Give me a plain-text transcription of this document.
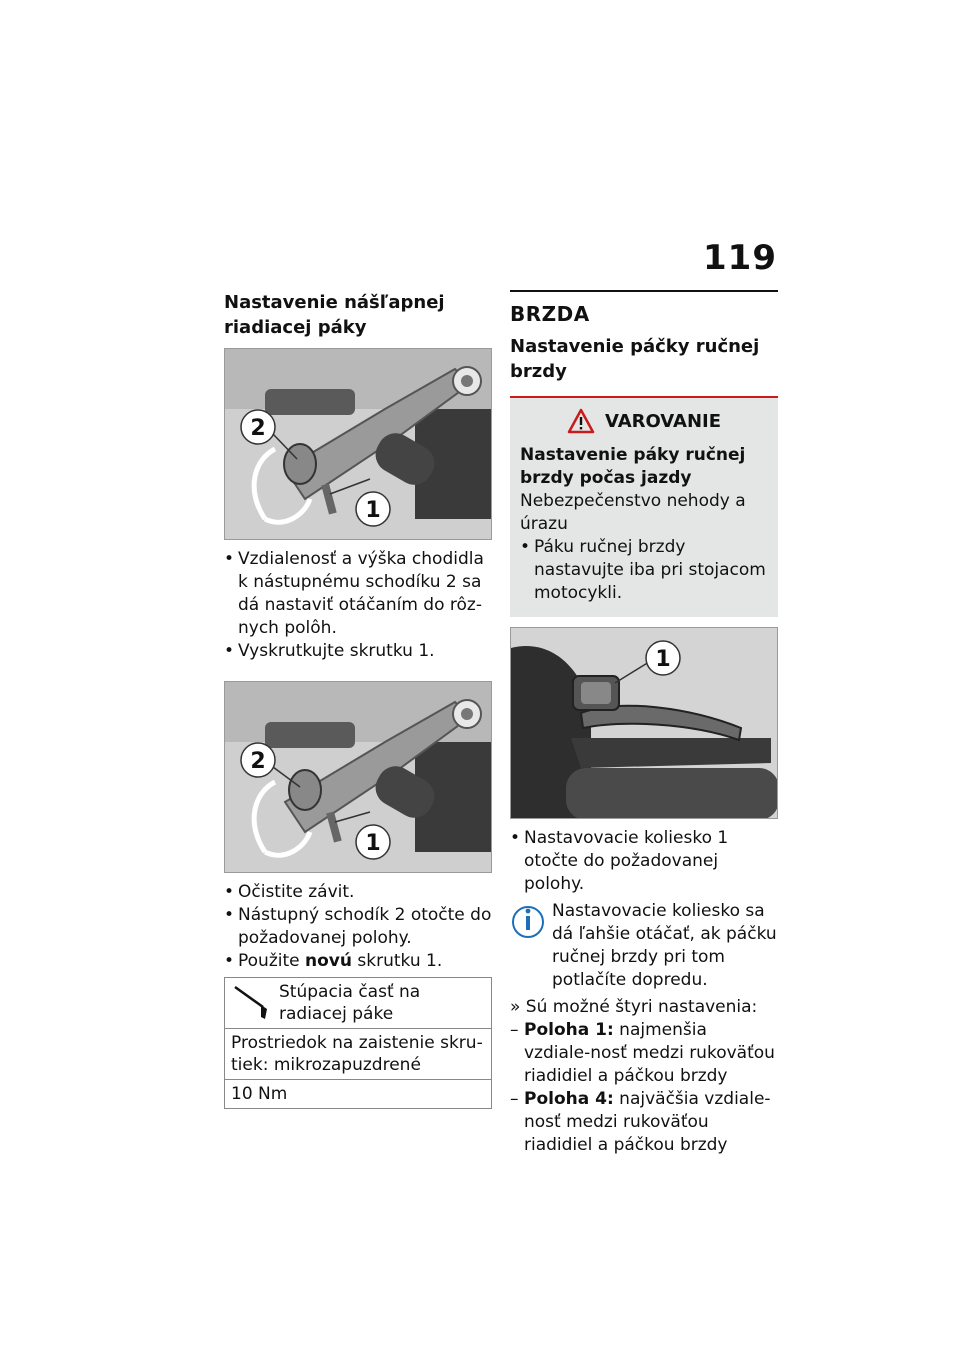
119
Nastavenie nášľapnej riadiacej páky
2
1
• Vzdialenosť a výška chodidla k nástupnému schodíku 2 sa dá nastaviť otáčaním do rôz-nych polôh.
• Vyskrutkujte skrutku 1.
2
1
• Očistite závit.
• Nástupný schodík 2 otočte do požadovanej polohy.
• Použite novú skrutku 1.
Stúpacia časť na radiacej páke
Prostriedok na zaistenie skru-tiek: mikrozapuzdrené
10 Nm
BRZDA
Nastavenie páčky ručnej brzdy
VAROVANIE
Nastavenie páky ručnej brzdy počas jazdy
Nebezpečenstvo nehody a úrazu
• Páku ručnej brzdy nastavujte iba pri stojacom motocykli.
1
• Nastavovacie koliesko 1 otočte do požadovanej polohy.
Nastavovacie koliesko sa dá ľahšie otáčať, ak páčku ručnej brzdy pri tom potlačíte dopredu.
» Sú možné štyri nastavenia:
– Poloha 1: najmenšia vzdiale-nosť medzi rukoväťou riadidiel a páčkou brzdy
– Poloha 4: najväčšia vzdiale-nosť medzi rukoväťou riadidiel a páčkou brzdy
